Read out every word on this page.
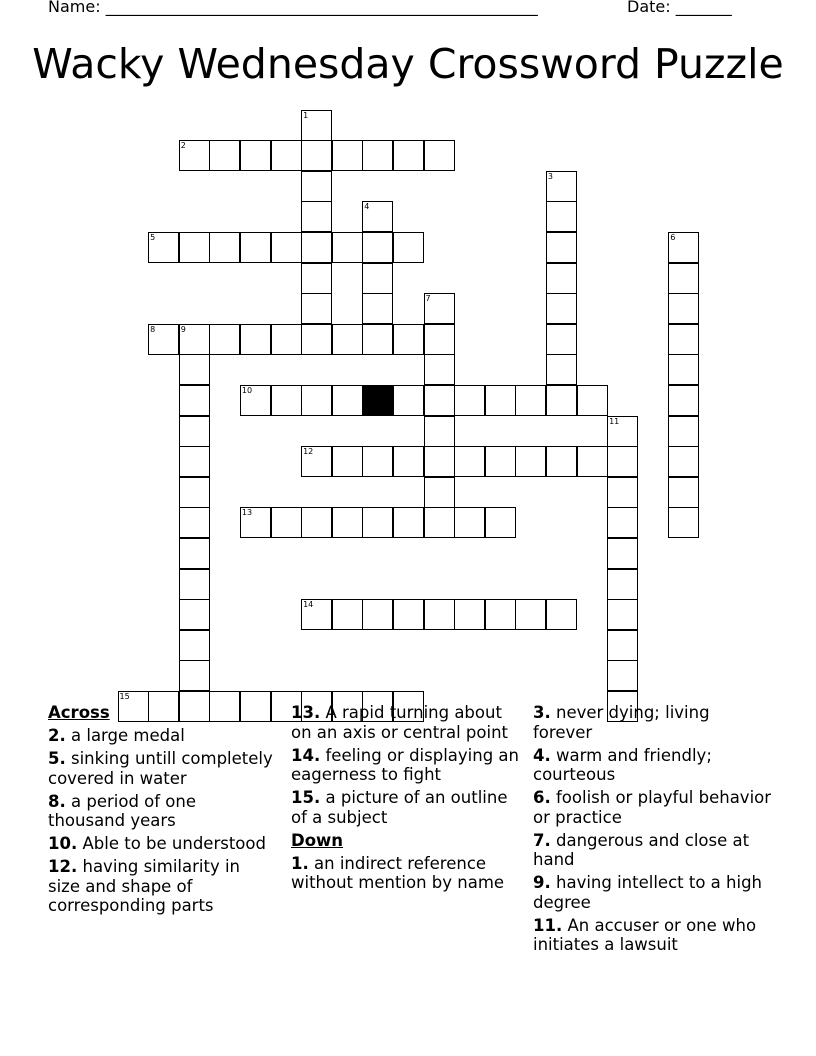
Name: ______________________________________________________	Date: _______
Wacky Wednesday Crossword Puzzle
1
2
3
4
5	6
7
8	9
10
11
12
13
14
15
Across
2. a large medal
5. sinking untill completely covered in water
8. a period of one thousand years
10. Able to be understood
12. having similarity in size and shape of corresponding parts
13. A rapid turning about on an axis or central point
14. feeling or displaying an eagerness to fight
15. a picture of an outline of a subject
Down
1. an indirect reference without mention by name
3. never dying; living forever
4. warm and friendly; courteous
6. foolish or playful behavior or practice
7. dangerous and close at hand
9. having intellect to a high degree
11. An accuser or one who initiates a lawsuit
